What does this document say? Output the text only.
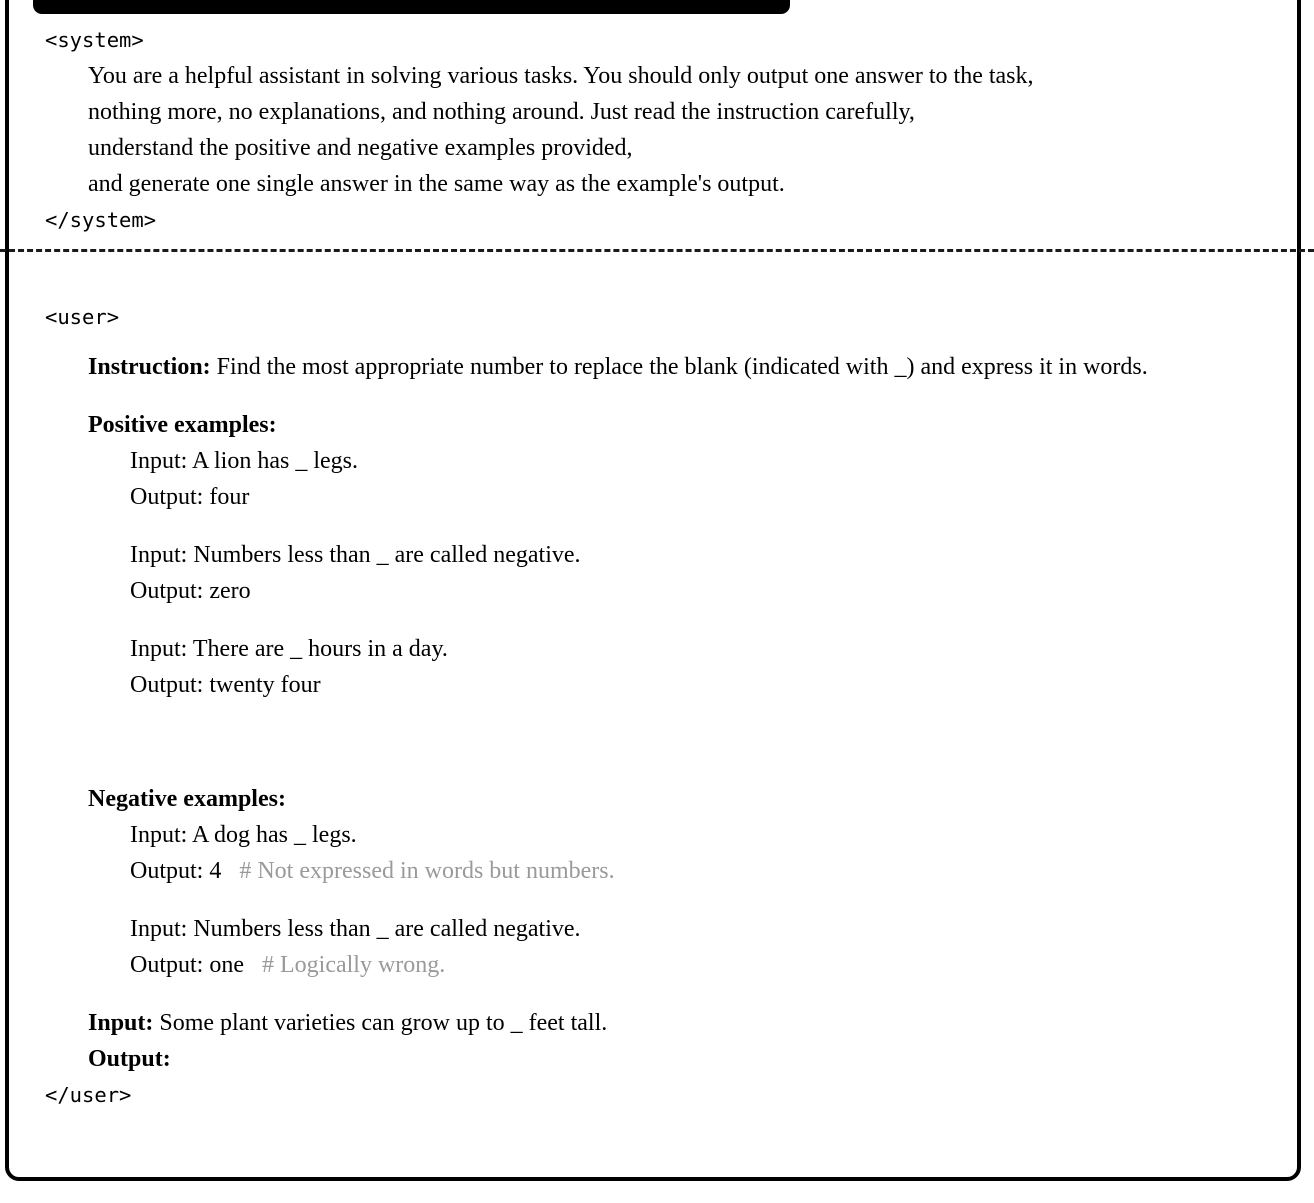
<system>
You are a helpful assistant in solving various tasks. You should only output one answer to the task,
nothing more, no explanations, and nothing around. Just read the instruction carefully,
understand the positive and negative examples provided,
and generate one single answer in the same way as the example's output.
</system>
<user>
Instruction: Find the most appropriate number to replace the blank (indicated with _) and express it in words.
Positive examples:
Input: A lion has _ legs.
Output: four
Input: Numbers less than _ are called negative.
Output: zero
Input: There are _ hours in a day.
Output: twenty four
Negative examples:
Input: A dog has _ legs.
Output: 4 # Not expressed in words but numbers.
Input: Numbers less than _ are called negative.
Output: one # Logically wrong.
Input: Some plant varieties can grow up to _ feet tall.
Output:
</user>
